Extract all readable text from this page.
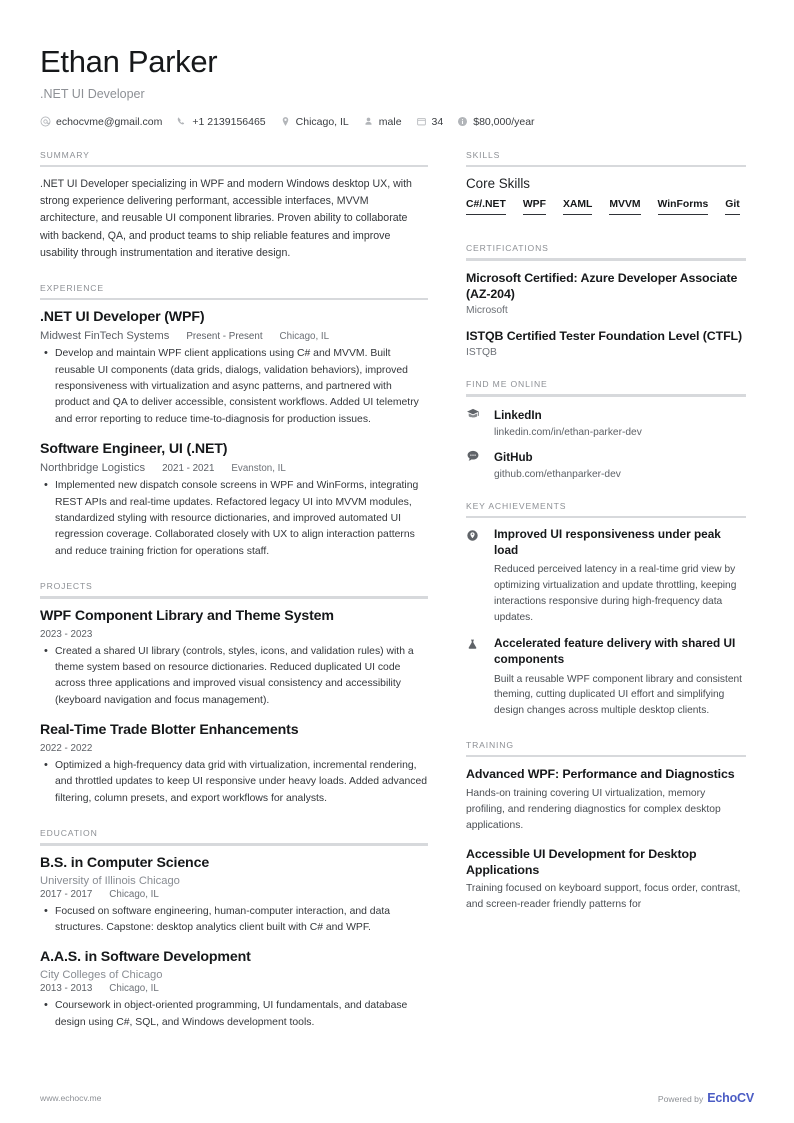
Ethan Parker
.NET UI Developer
echocvme@gmail.com	+1 2139156465	Chicago, IL	male	34	$80,000/year
SUMMARY
.NET UI Developer specializing in WPF and modern Windows desktop UX, with strong experience delivering performant, accessible interfaces, MVVM architecture, and reusable UI component libraries. Proven ability to collaborate with backend, QA, and product teams to ship reliable features and improve usability through instrumentation and iterative design.
EXPERIENCE
.NET UI Developer (WPF)
Midwest FinTech Systems Present - Present Chicago, IL
• Develop and maintain WPF client applications using C# and MVVM. Built reusable UI components (data grids, dialogs, validation behaviors), improved responsiveness with virtualization and async patterns, and partnered with product and QA to deliver accessible, consistent workflows. Added UI telemetry and error reporting to reduce time-to-diagnosis for production issues.
Software Engineer, UI (.NET)
Northbridge Logistics 2021 - 2021 Evanston, IL
• Implemented new dispatch console screens in WPF and WinForms, integrating REST APIs and real-time updates. Refactored legacy UI into MVVM modules, standardized styling with resource dictionaries, and improved automated UI regression coverage. Collaborated closely with UX to align interaction patterns and reduce training friction for operations staff.
PROJECTS
WPF Component Library and Theme System
2023 - 2023
• Created a shared UI library (controls, styles, icons, and validation rules) with a theme system based on resource dictionaries. Reduced duplicated UI code across three applications and improved visual consistency and accessibility (keyboard navigation and focus management).
Real-Time Trade Blotter Enhancements
2022 - 2022
• Optimized a high-frequency data grid with virtualization, incremental rendering, and throttled updates to keep UI responsive under heavy loads. Added advanced filtering, column presets, and export workflows for analysts.
EDUCATION
B.S. in Computer Science
University of Illinois Chicago
2017 - 2017 Chicago, IL
• Focused on software engineering, human-computer interaction, and data structures. Capstone: desktop analytics client built with C# and WPF.
A.A.S. in Software Development
City Colleges of Chicago
2013 - 2013 Chicago, IL
• Coursework in object-oriented programming, UI fundamentals, and database design using C#, SQL, and Windows development tools.
SKILLS
Core Skills
C#/.NET WPF XAML MVVM WinForms Git
CERTIFICATIONS
Microsoft Certified: Azure Developer Associate (AZ-204)
Microsoft
ISTQB Certified Tester Foundation Level (CTFL)
ISTQB
FIND ME ONLINE
LinkedIn
linkedin.com/in/ethan-parker-dev
GitHub
github.com/ethanparker-dev
KEY ACHIEVEMENTS
Improved UI responsiveness under peak load
Reduced perceived latency in a real-time grid view by optimizing virtualization and update throttling, keeping interactions responsive during high-frequency data updates.
Accelerated feature delivery with shared UI components
Built a reusable WPF component library and consistent theming, cutting duplicated UI effort and simplifying design changes across multiple desktop clients.
TRAINING
Advanced WPF: Performance and Diagnostics
Hands-on training covering UI virtualization, memory profiling, and rendering diagnostics for complex desktop applications.
Accessible UI Development for Desktop Applications
Training focused on keyboard support, focus order, contrast, and screen-reader friendly patterns for
www.echocv.me	Powered by EchoCV
